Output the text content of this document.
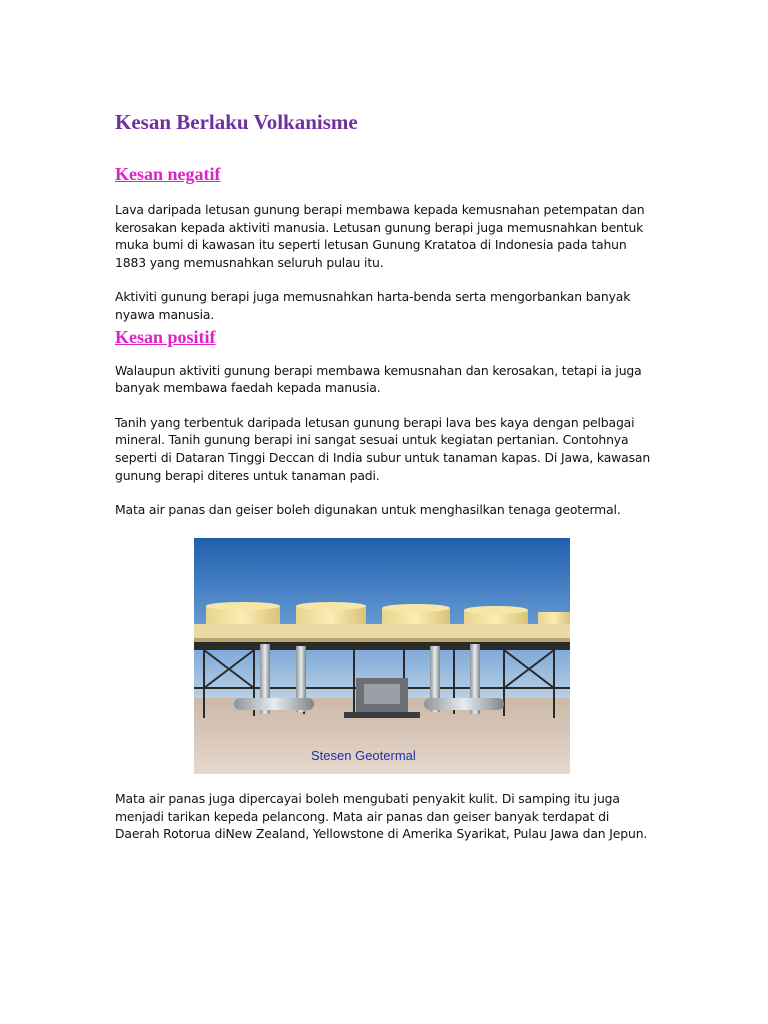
Kesan Berlaku Volkanisme
Kesan negatif

Lava daripada letusan gunung berapi membawa kepada kemusnahan petempatan dan kerosakan kepada aktiviti manusia. Letusan gunung berapi juga memusnahkan bentuk muka bumi di kawasan itu seperti letusan Gunung Kratatoa di Indonesia pada tahun 1883 yang memusnahkan seluruh pulau itu.

Aktiviti gunung berapi juga memusnahkan harta-benda serta mengorbankan banyak nyawa manusia.

Kesan positif

Walaupun aktiviti gunung berapi membawa kemusnahan dan kerosakan, tetapi ia juga banyak membawa faedah kepada manusia.

Tanih yang terbentuk daripada letusan gunung berapi lava bes kaya dengan pelbagai mineral. Tanih gunung berapi ini sangat sesuai untuk kegiatan pertanian. Contohnya seperti di Dataran Tinggi Deccan di India subur untuk tanaman kapas. Di Jawa, kawasan gunung berapi diteres untuk tanaman padi.

Mata air panas dan geiser boleh digunakan untuk menghasilkan tenaga geotermal.

Stesen Geotermal

Mata air panas juga dipercayai boleh mengubati penyakit kulit. Di samping itu juga menjadi tarikan kepeda pelancong. Mata air panas dan geiser banyak terdapat di Daerah Rotorua diNew Zealand, Yellowstone di Amerika Syarikat, Pulau Jawa dan Jepun.
